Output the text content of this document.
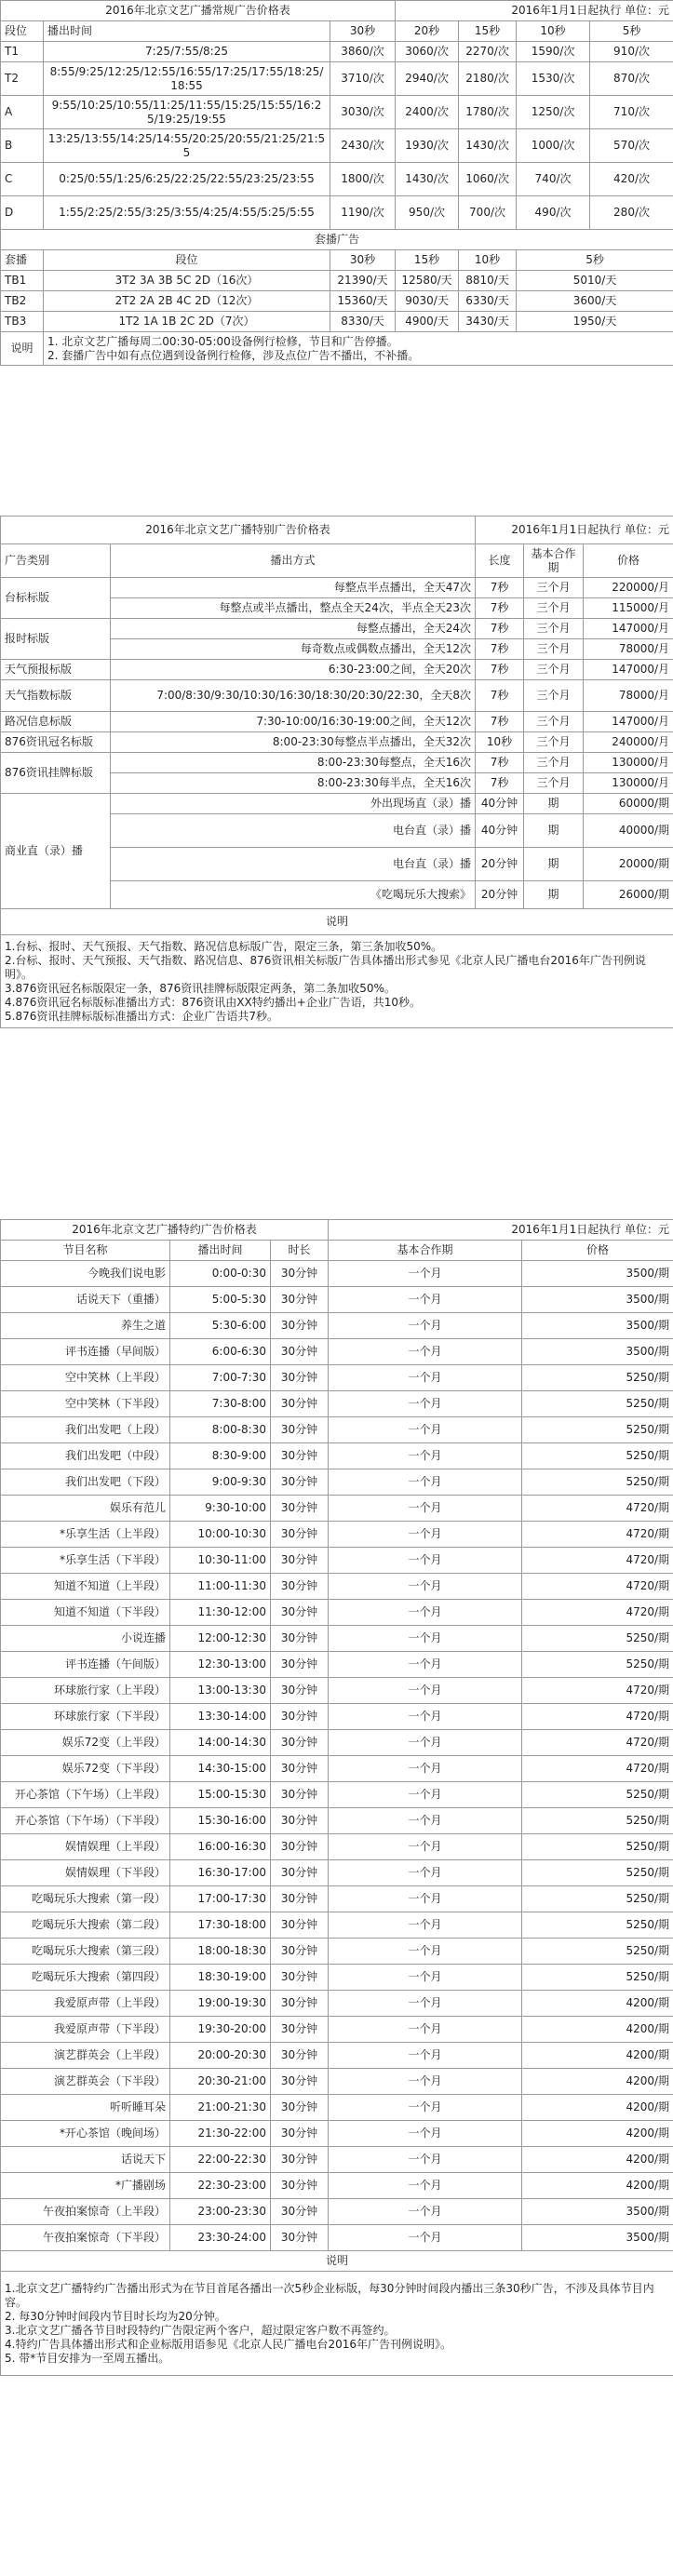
2016年北京文艺广播常规广告价格表			2016年1月1日起执行 单位：元			
段位	播出时间	30秒	20秒	15秒	10秒	5秒
T1	7:25/7:55/8:25	3860/次	3060/次	2270/次	1590/次	910/次
T2	8:55/9:25/12:25/12:55/16:55/17:25/17:55/18:25/18:55	3710/次	2940/次	2180/次	1530/次	870/次
A	9:55/10:25/10:55/11:25/11:55/15:25/15:55/16:25/19:25/19:55	3030/次	2400/次	1780/次	1250/次	710/次
B	13:25/13:55/14:25/14:55/20:25/20:55/21:25/21:55	2430/次	1930/次	1430/次	1000/次	570/次
C	0:25/0:55/1:25/6:25/22:25/22:55/23:25/23:55	1800/次	1430/次	1060/次	740/次	420/次
D	1:55/2:25/2:55/3:25/3:55/4:25/4:55/5:25/5:55	1190/次	950/次	700/次	490/次	280/次
套播广告						
套播	段位	30秒	15秒	10秒	5秒	
TB1	3T2 3A 3B 5C 2D（16次）	21390/天	12580/天	8810/天	5010/天	
TB2	2T2 2A 2B 4C 2D（12次）	15360/天	9030/天	6330/天	3600/天	
TB3	1T2 1A 1B 2C 2D（7次）	8330/天	4900/天	3430/天	1950/天	
说明	1. 北京文艺广播每周二00:30-05:00设备例行检修，节目和广告停播。
2. 套播广告中如有点位遇到设备例行检修，涉及点位广告不播出，不补播。					
2016年北京文艺广播特别广告价格表		2016年1月1日起执行 单位：元		
广告类别	播出方式	长度	基本合作期	价格
台标标版	每整点半点播出，全天47次	7秒	三个月	220000/月
	每整点或半点播出，整点全天24次，半点全天23次	7秒	三个月	115000/月
报时标版	每整点播出，全天24次	7秒	三个月	147000/月
	每奇数点或偶数点播出，全天12次	7秒	三个月	78000/月
天气预报标版	6:30-23:00之间，全天20次	7秒	三个月	147000/月
天气指数标版	7:00/8:30/9:30/10:30/16:30/18:30/20:30/22:30，全天8次	7秒	三个月	78000/月
路况信息标版	7:30-10:00/16:30-19:00之间，全天12次	7秒	三个月	147000/月
876资讯冠名标版	8:00-23:30每整点半点播出，全天32次	10秒	三个月	240000/月
876资讯挂牌标版	8:00-23:30每整点，全天16次	7秒	三个月	130000/月
	8:00-23:30每半点，全天16次	7秒	三个月	130000/月
商业直（录）播	外出现场直（录）播	40分钟	期	60000/期
	电台直（录）播	40分钟	期	40000/期
	电台直（录）播	20分钟	期	20000/期
	《吃喝玩乐大搜索》	20分钟	期	26000/期
说明				

1.台标、报时、天气预报、天气指数、路况信息标版广告，限定三条，第三条加收50%。
2.台标、报时、天气预报、天气指数、路况信息、876资讯相关标版广告具体播出形式参见《北京人民广播电台2016年广告刊例说明》。
3.876资讯冠名标版限定一条，876资讯挂牌标版限定两条，第二条加收50%。
4.876资讯冠名标版标准播出方式：876资讯由XX特约播出+企业广告语，共10秒。
5.876资讯挂牌标版标准播出方式：企业广告语共7秒。				
2016年北京文艺广播特约广告价格表			2016年1月1日起执行 单位：元	
节目名称	播出时间	时长	基本合作期	价格
今晚我们说电影	0:00-0:30	30分钟	一个月	3500/期
话说天下（重播）	5:00-5:30	30分钟	一个月	3500/期
养生之道	5:30-6:00	30分钟	一个月	3500/期
评书连播（早间版）	6:00-6:30	30分钟	一个月	3500/期
空中笑林（上半段）	7:00-7:30	30分钟	一个月	5250/期
空中笑林（下半段）	7:30-8:00	30分钟	一个月	5250/期
我们出发吧（上段）	8:00-8:30	30分钟	一个月	5250/期
我们出发吧（中段）	8:30-9:00	30分钟	一个月	5250/期
我们出发吧（下段）	9:00-9:30	30分钟	一个月	5250/期
娱乐有范儿	9:30-10:00	30分钟	一个月	4720/期
*乐享生活（上半段）	10:00-10:30	30分钟	一个月	4720/期
*乐享生活（下半段）	10:30-11:00	30分钟	一个月	4720/期
知道不知道（上半段）	11:00-11:30	30分钟	一个月	4720/期
知道不知道（下半段）	11:30-12:00	30分钟	一个月	4720/期
小说连播	12:00-12:30	30分钟	一个月	5250/期
评书连播（午间版）	12:30-13:00	30分钟	一个月	5250/期
环球旅行家（上半段）	13:00-13:30	30分钟	一个月	4720/期
环球旅行家（下半段）	13:30-14:00	30分钟	一个月	4720/期
娱乐72变（上半段）	14:00-14:30	30分钟	一个月	4720/期
娱乐72变（下半段）	14:30-15:00	30分钟	一个月	4720/期
开心茶馆（下午场）（上半段）	15:00-15:30	30分钟	一个月	5250/期
开心茶馆（下午场）（下半段）	15:30-16:00	30分钟	一个月	5250/期
娱情娱理（上半段）	16:00-16:30	30分钟	一个月	5250/期
娱情娱理（下半段）	16:30-17:00	30分钟	一个月	5250/期
吃喝玩乐大搜索（第一段）	17:00-17:30	30分钟	一个月	5250/期
吃喝玩乐大搜索（第二段）	17:30-18:00	30分钟	一个月	5250/期
吃喝玩乐大搜索（第三段）	18:00-18:30	30分钟	一个月	5250/期
吃喝玩乐大搜索（第四段）	18:30-19:00	30分钟	一个月	5250/期
我爱原声带（上半段）	19:00-19:30	30分钟	一个月	4200/期
我爱原声带（下半段）	19:30-20:00	30分钟	一个月	4200/期
演艺群英会（上半段）	20:00-20:30	30分钟	一个月	4200/期
演艺群英会（下半段）	20:30-21:00	30分钟	一个月	4200/期
听听睡耳朵	21:00-21:30	30分钟	一个月	4200/期
*开心茶馆（晚间场）	21:30-22:00	30分钟	一个月	4200/期
话说天下	22:00-22:30	30分钟	一个月	4200/期
*广播剧场	22:30-23:00	30分钟	一个月	4200/期
午夜拍案惊奇（上半段）	23:00-23:30	30分钟	一个月	3500/期
午夜拍案惊奇（下半段）	23:30-24:00	30分钟	一个月	3500/期
说明				

1.北京文艺广播特约广告播出形式为在节目首尾各播出一次5秒企业标版，每30分钟时间段内播出三条30秒广告，不涉及具体节目内容。
2. 每30分钟时间段内节目时长均为20分钟。
3.北京文艺广播各节目时段特约广告限定两个客户，超过限定客户数不再签约。
4.特约广告具体播出形式和企业标版用语参见《北京人民广播电台2016年广告刊例说明》。
5. 带*节目安排为一至周五播出。				
